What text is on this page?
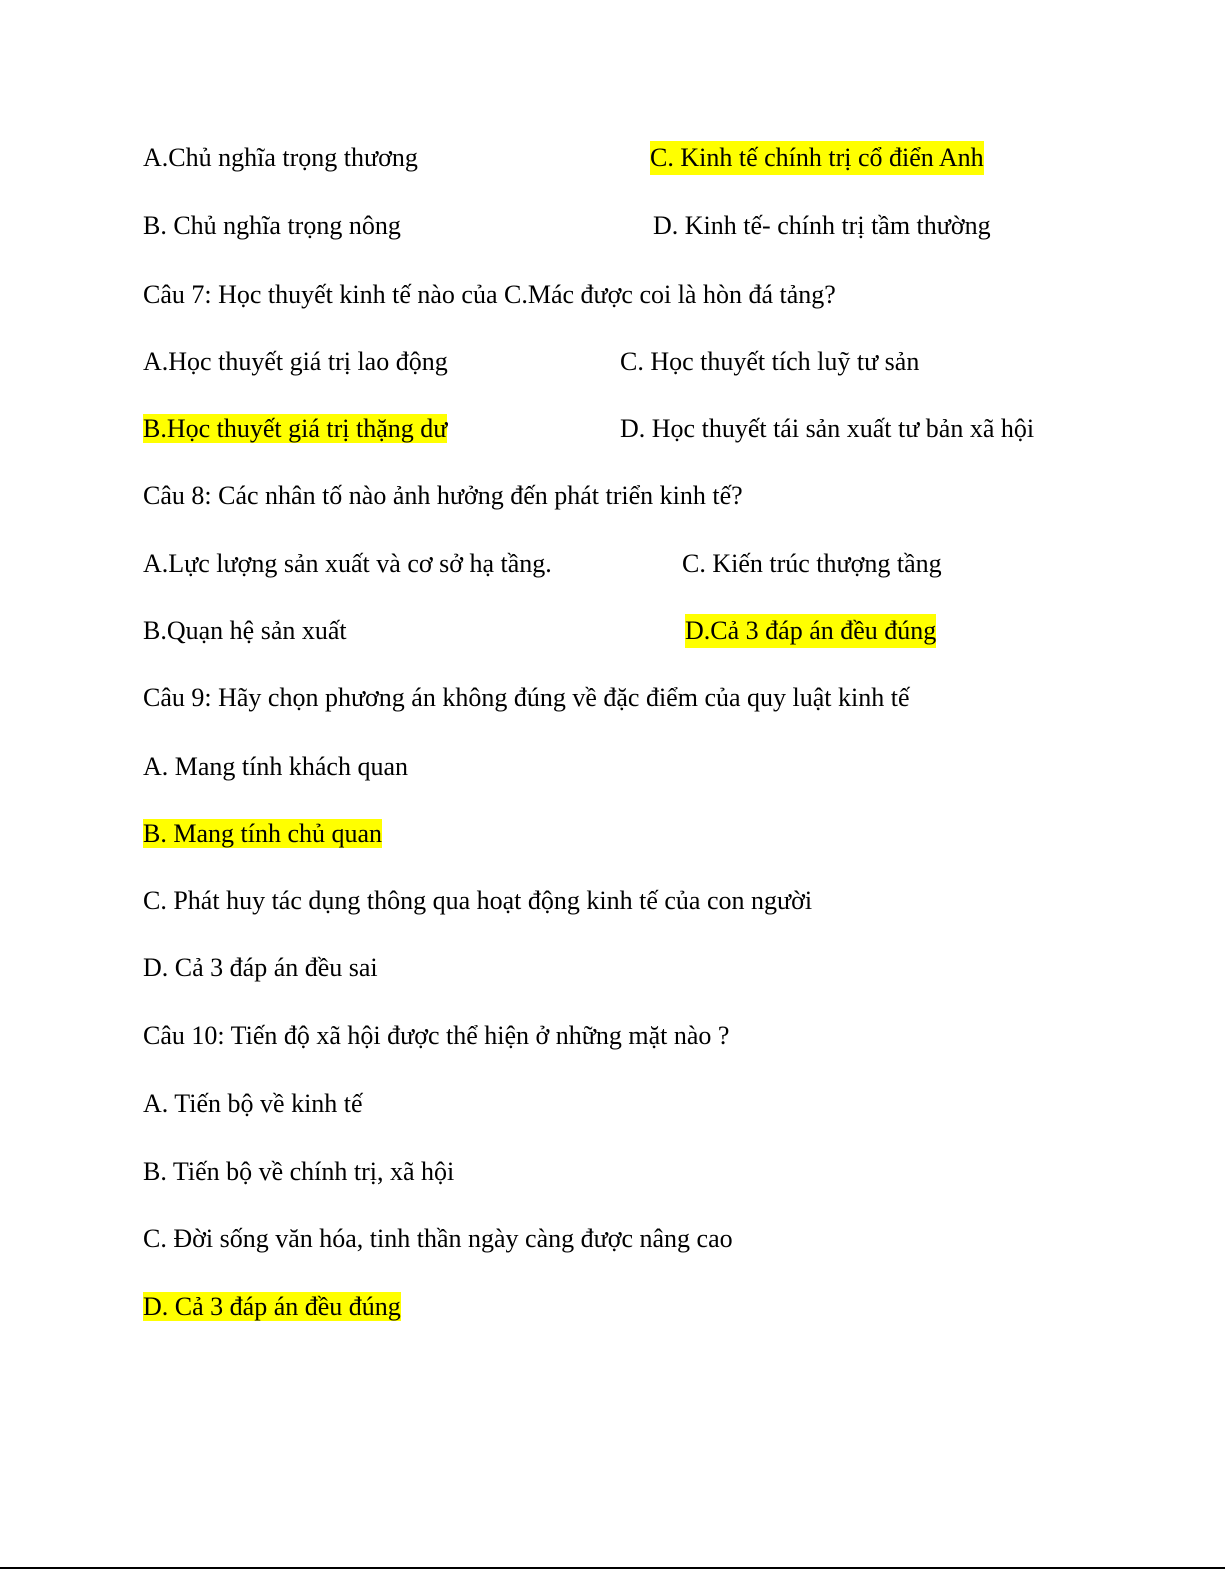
A.Chủ nghĩa trọng thương	C. Kinh tế chính trị cổ điển Anh

B. Chủ nghĩa trọng nông	D. Kinh tế- chính trị tầm thường

Câu 7: Học thuyết kinh tế nào của C.Mác được coi là hòn đá tảng?

A.Học thuyết giá trị lao động	C. Học thuyết tích luỹ tư sản

B.Học thuyết giá trị thặng dư	D. Học thuyết tái sản xuất tư bản xã hội

Câu 8: Các nhân tố nào ảnh hưởng đến phát triển kinh tế?

A.Lực lượng sản xuất và cơ sở hạ tầng.	C. Kiến trúc thượng tầng

B.Quạn hệ sản xuất	D.Cả 3 đáp án đều đúng

Câu 9: Hãy chọn phương án không đúng về đặc điểm của quy luật kinh tế

A. Mang tính khách quan

B. Mang tính chủ quan

C. Phát huy tác dụng thông qua hoạt động kinh tế của con người

D. Cả 3 đáp án đều sai

Câu 10: Tiến độ xã hội được thể hiện ở những mặt nào ?

A. Tiến bộ về kinh tế

B. Tiến bộ về chính trị, xã hội

C. Đời sống văn hóa, tinh thần ngày càng được nâng cao

D. Cả 3 đáp án đều đúng
